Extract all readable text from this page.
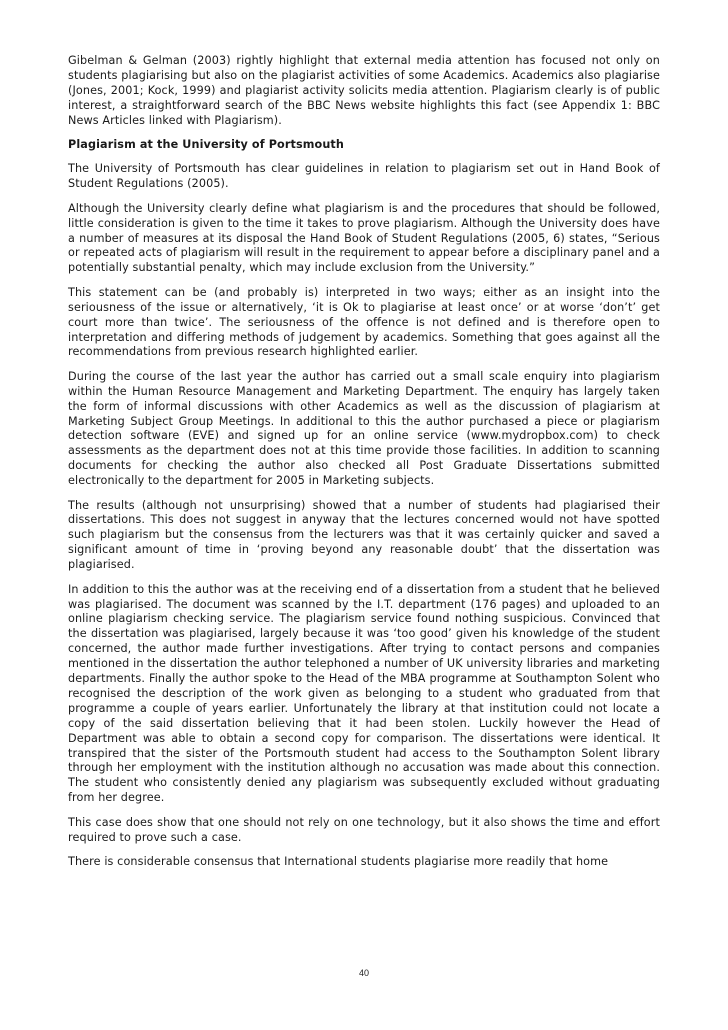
Gibelman & Gelman (2003) rightly highlight that external media attention has focused not only on students plagiarising but also on the plagiarist activities of some Academics. Academics also plagiarise (Jones, 2001; Kock, 1999) and plagiarist activity solicits media attention. Plagiarism clearly is of public interest, a straightforward search of the BBC News website highlights this fact (see Appendix 1: BBC News Articles linked with Plagiarism).

Plagiarism at the University of Portsmouth

The University of Portsmouth has clear guidelines in relation to plagiarism set out in Hand Book of Student Regulations (2005).

Although the University clearly define what plagiarism is and the procedures that should be followed, little consideration is given to the time it takes to prove plagiarism. Although the University does have a number of measures at its disposal the Hand Book of Student Regulations (2005, 6) states, “Serious or repeated acts of plagiarism will result in the requirement to appear before a disciplinary panel and a potentially substantial penalty, which may include exclusion from the University.”

This statement can be (and probably is) interpreted in two ways; either as an insight into the seriousness of the issue or alternatively, ‘it is Ok to plagiarise at least once’ or at worse ‘don’t’ get court more than twice’. The seriousness of the offence is not defined and is therefore open to interpretation and differing methods of judgement by academics. Something that goes against all the recommendations from previous research highlighted earlier.

During the course of the last year the author has carried out a small scale enquiry into plagiarism within the Human Resource Management and Marketing Department. The enquiry has largely taken the form of informal discussions with other Academics as well as the discussion of plagiarism at Marketing Subject Group Meetings. In additional to this the author purchased a piece or plagiarism detection software (EVE) and signed up for an online service (www.mydropbox.com) to check assessments as the department does not at this time provide those facilities. In addition to scanning documents for checking the author also checked all Post Graduate Dissertations submitted electronically to the department for 2005 in Marketing subjects.

The results (although not unsurprising) showed that a number of students had plagiarised their dissertations. This does not suggest in anyway that the lectures concerned would not have spotted such plagiarism but the consensus from the lecturers was that it was certainly quicker and saved a significant amount of time in ‘proving beyond any reasonable doubt’ that the dissertation was plagiarised.

In addition to this the author was at the receiving end of a dissertation from a student that he believed was plagiarised. The document was scanned by the I.T. department (176 pages) and uploaded to an online plagiarism checking service. The plagiarism service found nothing suspicious. Convinced that the dissertation was plagiarised, largely because it was ‘too good’ given his knowledge of the student concerned, the author made further investigations. After trying to contact persons and companies mentioned in the dissertation the author telephoned a number of UK university libraries and marketing departments. Finally the author spoke to the Head of the MBA programme at Southampton Solent who recognised the description of the work given as belonging to a student who graduated from that programme a couple of years earlier. Unfortunately the library at that institution could not locate a copy of the said dissertation believing that it had been stolen. Luckily however the Head of Department was able to obtain a second copy for comparison. The dissertations were identical. It transpired that the sister of the Portsmouth student had access to the Southampton Solent library through her employment with the institution although no accusation was made about this connection. The student who consistently denied any plagiarism was subsequently excluded without graduating from her degree.

This case does show that one should not rely on one technology, but it also shows the time and effort required to prove such a case.

There is considerable consensus that International students plagiarise more readily that home

40
